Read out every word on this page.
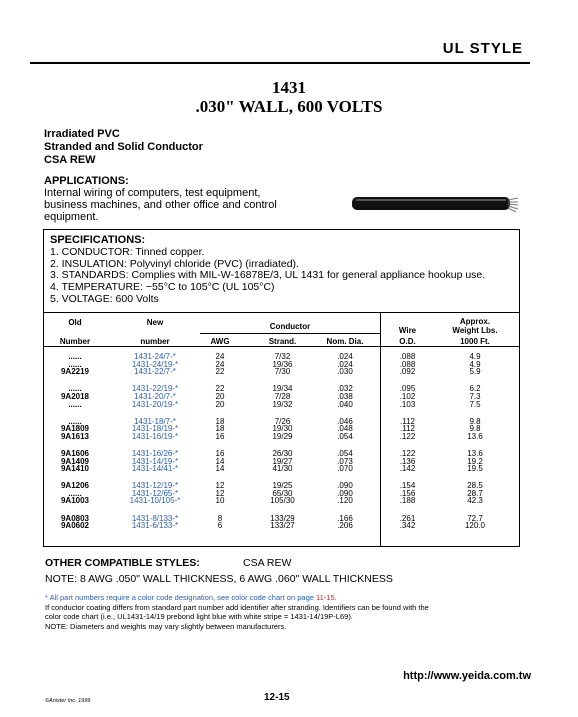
UL STYLE
1431
.030" WALL, 600 VOLTS
Irradiated PVC
Stranded and Solid Conductor
CSA REW
APPLICATIONS:
Internal wiring of computers, test equipment,
business machines, and other office and control
equipment.
SPECIFICATIONS:
1. CONDUCTOR: Tinned copper.
2. INSULATION: Polyvinyl chloride (PVC) (irradiated).
3. STANDARDS: Complies with MIL-W-16878E/3, UL 1431 for general appliance hookup use.
4. TEMPERATURE: −55°C to 105°C (UL 105°C)
5. VOLTAGE: 600 Volts
Old	New	Conductor
Approx.
Weight Lbs.
Wire
Number	number	AWG	Strand.	Nom. Dia.	O.D.	1000 Ft.
......	1431-24/7-*	24	7/32	.024	.088	4.9
......	1431-24/19-*	24	19/36	.024	.088	4.9
9A2219	1431-22/7-*	22	7/30	.030	.092	5.9
......	1431-22/19-*	22	19/34	.032	.095	6.2
9A2018	1431-20/7-*	20	7/28	.038	.102	7.3
......	1431-20/19-*	20	19/32	.040	.103	7.5
......	1431-18/7-*	18	7/26	.046	.112	9.8
9A1809	1431-18/19-*	18	19/30	.048	.112	9.8
9A1613	1431-16/19-*	16	19/29	.054	.122	13.6
9A1606	1431-16/26-*	16	26/30	.054	.122	13.6
9A1409	1431-14/19-*	14	19/27	.073	.136	19.2
9A1410	1431-14/41-*	14	41/30	.070	.142	19.5
9A1206	1431-12/19-*	12	19/25	.090	.154	28.5
......	1431-12/65-*	12	65/30	.090	.156	28.7
9A1003	1431-10/105-*	10	105/30	.120	.188	42.3
9A0803	1431-8/133-*	8	133/29	.166	.261	72.7
9A0602	1431-6/133-*	6	133/27	.206	.342	120.0
OTHER COMPATIBLE STYLES:	CSA REW
NOTE: 8 AWG .050" WALL THICKNESS, 6 AWG .060" WALL THICKNESS
* All part numbers require a color code designation, see color code chart on page 11-15.
If conductor coating differs from standard part number add identifier after stranding. Identifiers can be found with the
color code chart (i.e., UL1431-14/19 prebond light blue with white stripe = 1431-14/19P-L69).
NOTE: Diameters and weights may vary slightly between manufacturers.
http://www.yeida.com.tw
©Anixter Inc. 1999	12-15
